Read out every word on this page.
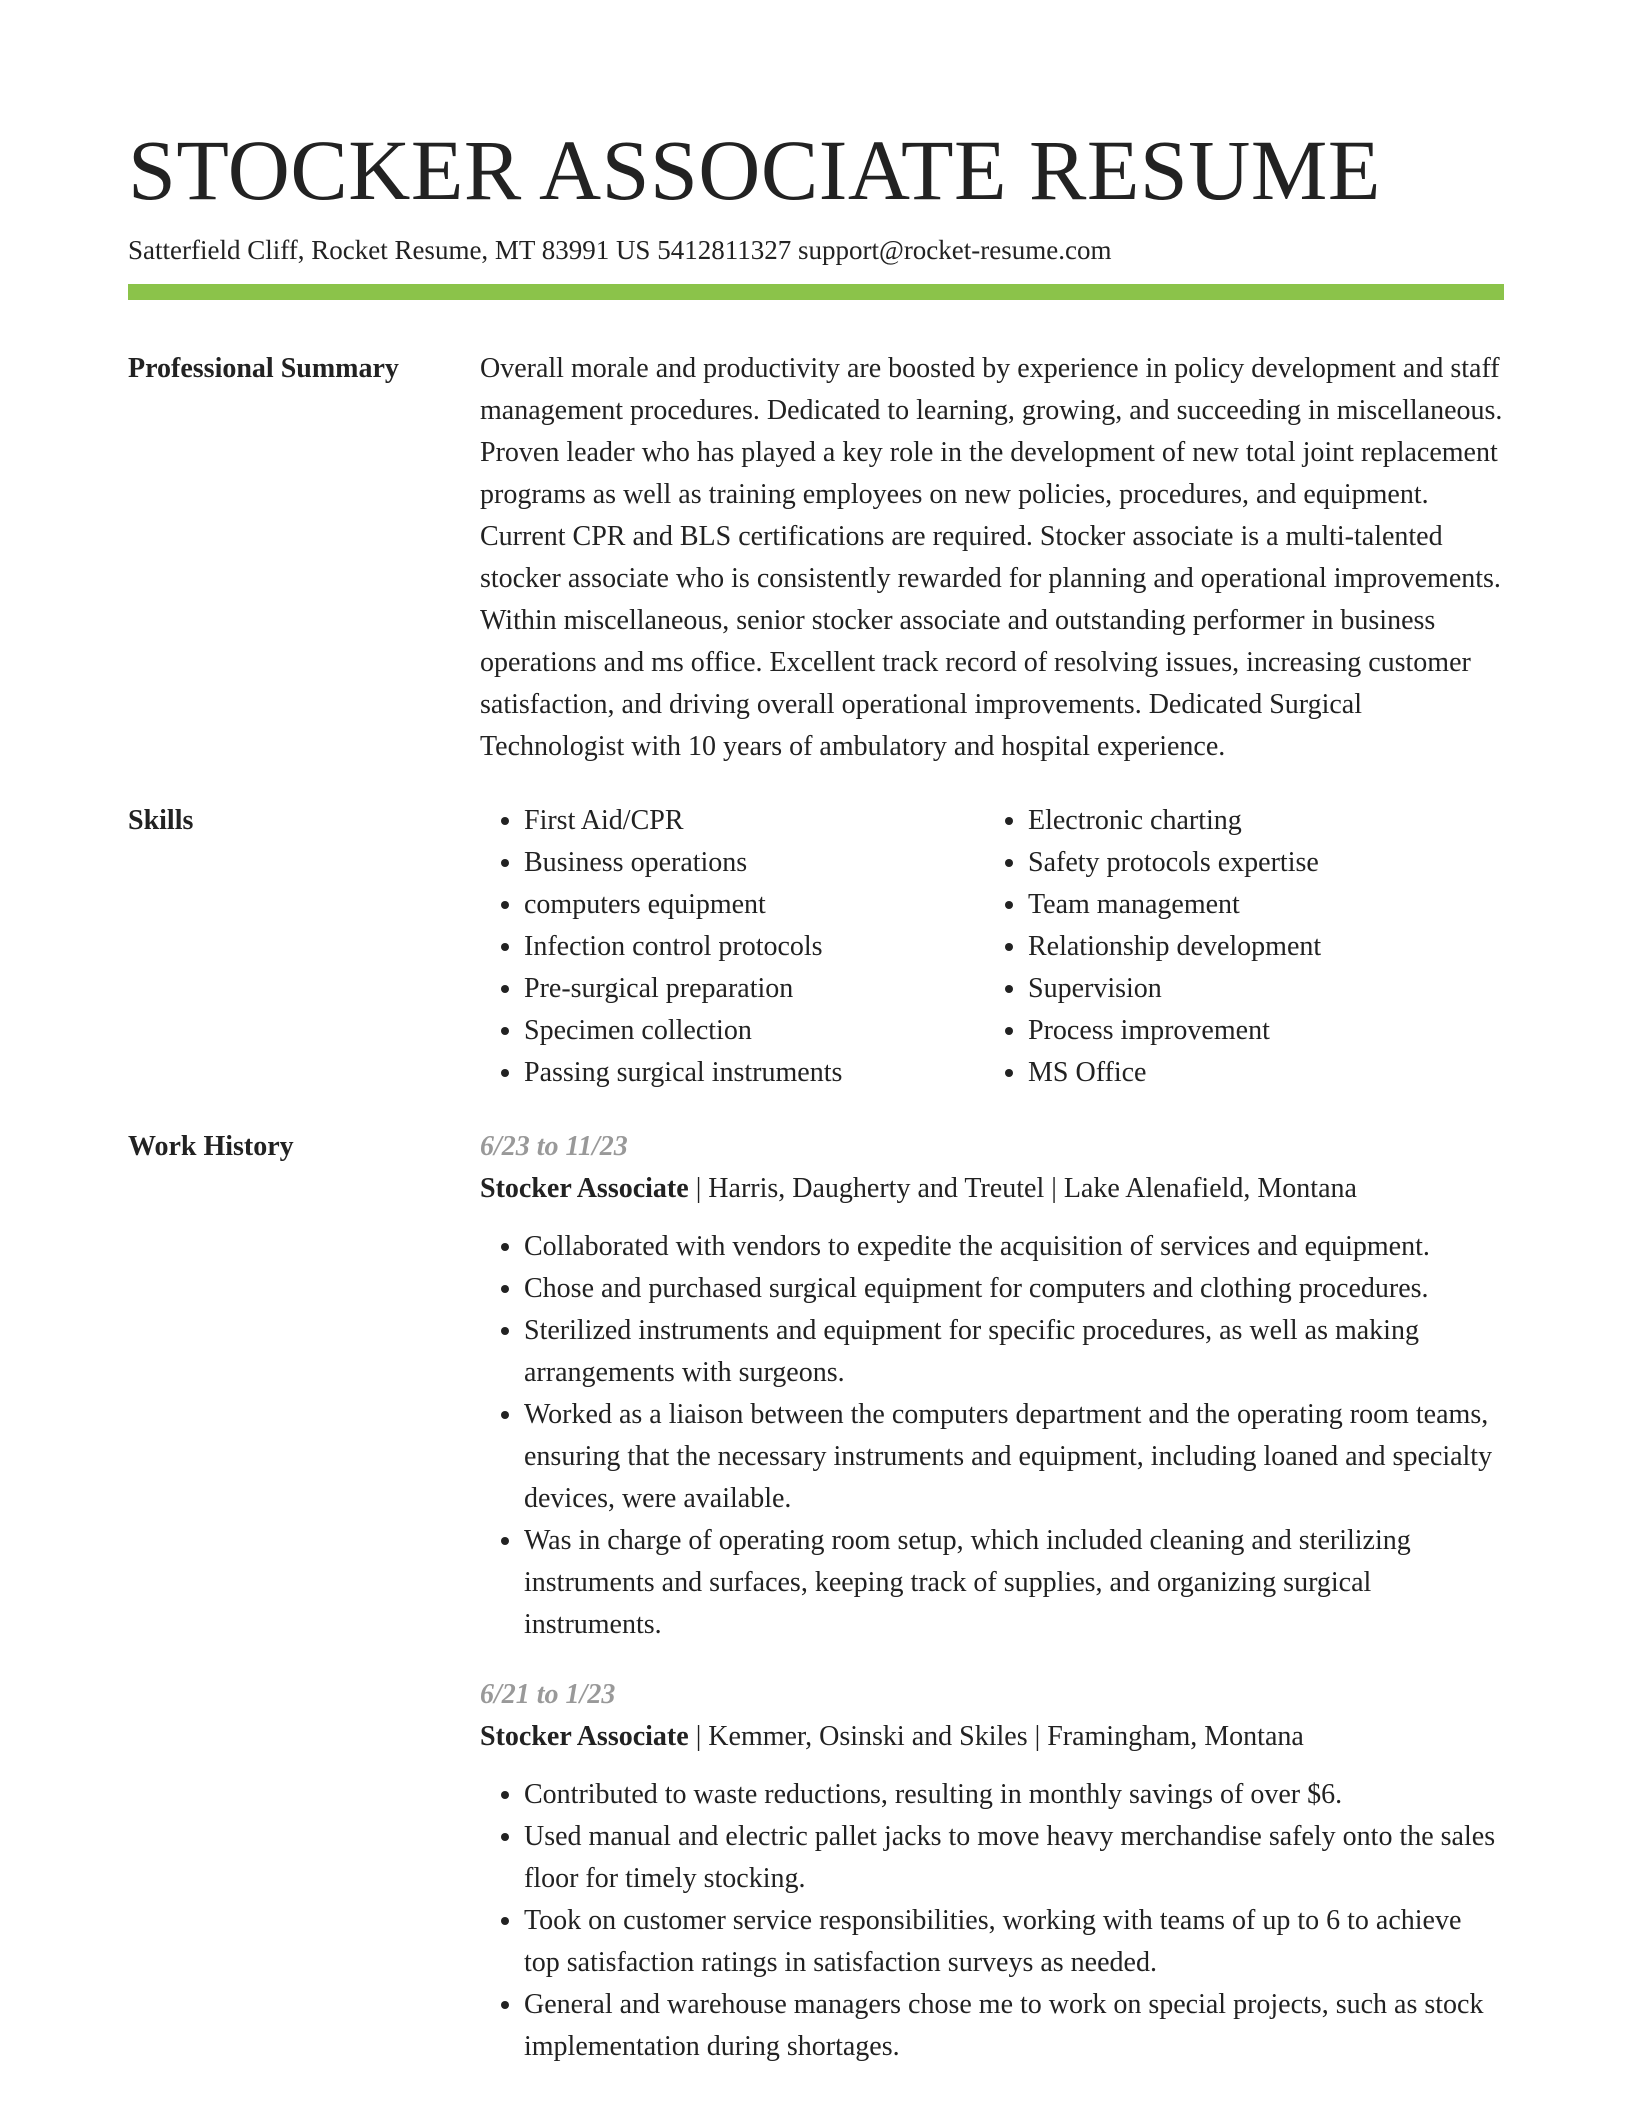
STOCKER ASSOCIATE RESUME
Satterfield Cliff, Rocket Resume, MT 83991 US 5412811327 support@rocket-resume.com
Professional Summary	Overall morale and productivity are boosted by experience in policy development and staff management procedures. Dedicated to learning, growing, and succeeding in miscellaneous. Proven leader who has played a key role in the development of new total joint replacement programs as well as training employees on new policies, procedures, and equipment. Current CPR and BLS certifications are required. Stocker associate is a multi-talented stocker associate who is consistently rewarded for planning and operational improvements. Within miscellaneous, senior stocker associate and outstanding performer in business operations and ms office. Excellent track record of resolving issues, increasing customer satisfaction, and driving overall operational improvements. Dedicated Surgical Technologist with 10 years of ambulatory and hospital experience.
Skills
•	First Aid/CPR
• Business operations
• computers equipment
• Infection control protocols
• Pre-surgical preparation
• Specimen collection
• Passing surgical instruments
• Electronic charting
• Safety protocols expertise
• Team management
• Relationship development
• Supervision
• Process improvement
• MS Office
Work History	6/23 to 11/23
Stocker Associate | Harris, Daugherty and Treutel | Lake Alenafield, Montana
• Collaborated with vendors to expedite the acquisition of services and equipment.
• Chose and purchased surgical equipment for computers and clothing procedures.
• Sterilized instruments and equipment for specific procedures, as well as making arrangements with surgeons.
• Worked as a liaison between the computers department and the operating room teams, ensuring that the necessary instruments and equipment, including loaned and specialty devices, were available.
• Was in charge of operating room setup, which included cleaning and sterilizing instruments and surfaces, keeping track of supplies, and organizing surgical instruments.
6/21 to 1/23
Stocker Associate | Kemmer, Osinski and Skiles | Framingham, Montana
• Contributed to waste reductions, resulting in monthly savings of over $6.
• Used manual and electric pallet jacks to move heavy merchandise safely onto the sales floor for timely stocking.
• Took on customer service responsibilities, working with teams of up to 6 to achieve top satisfaction ratings in satisfaction surveys as needed.
• General and warehouse managers chose me to work on special projects, such as stock implementation during shortages.
